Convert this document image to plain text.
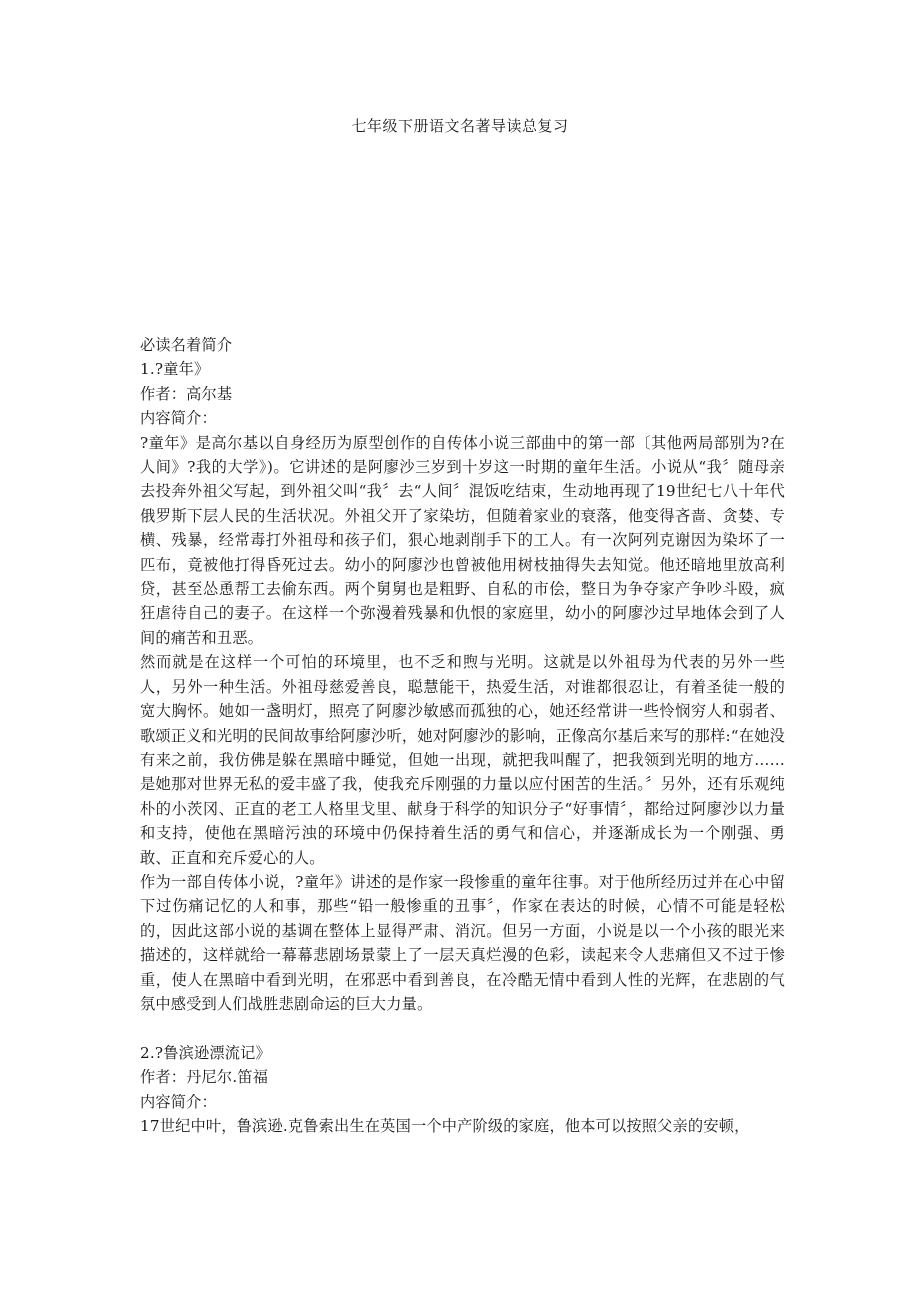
七年级下册语文名著导读总复习
必读名着简介
1.?童年》
作者：高尔基
内容简介：
?童年》是高尔基以自身经历为原型创作的自传体小说三部曲中的第一部〔其他两局部别为?在人间》?我的大学》)。它讲述的是阿廖沙三岁到十岁这一时期的童年生活。小说从“我〞随母亲去投奔外祖父写起，到外祖父叫“我〞去“人间〞混饭吃结束，生动地再现了19世纪七八十年代俄罗斯下层人民的生活状况。外祖父开了家染坊，但随着家业的衰落，他变得吝啬、贪婪、专横、残暴，经常毒打外祖母和孩子们，狠心地剥削手下的工人。有一次阿列克谢因为染坏了一匹布，竟被他打得昏死过去。幼小的阿廖沙也曾被他用树枝抽得失去知觉。他还暗地里放高利贷，甚至怂恿帮工去偷东西。两个舅舅也是粗野、自私的市侩，整日为争夺家产争吵斗殴，疯狂虐待自己的妻子。在这样一个弥漫着残暴和仇恨的家庭里，幼小的阿廖沙过早地体会到了人间的痛苦和丑恶。
然而就是在这样一个可怕的环境里，也不乏和煦与光明。这就是以外祖母为代表的另外一些人，另外一种生活。外祖母慈爱善良，聪慧能干，热爱生活，对谁都很忍让，有着圣徒一般的宽大胸怀。她如一盏明灯，照亮了阿廖沙敏感而孤独的心，她还经常讲一些怜悯穷人和弱者、歌颂正义和光明的民间故事给阿廖沙听，她对阿廖沙的影响，正像高尔基后来写的那样:“在她没有来之前，我仿佛是躲在黑暗中睡觉，但她一出现，就把我叫醒了，把我领到光明的地方……是她那对世界无私的爱丰盛了我，使我充斥刚强的力量以应付困苦的生活。〞另外，还有乐观纯朴的小茨冈、正直的老工人格里戈里、献身于科学的知识分子“好事情〞，都给过阿廖沙以力量和支持，使他在黑暗污浊的环境中仍保持着生活的勇气和信心，并逐渐成长为一个刚强、勇敢、正直和充斥爱心的人。
作为一部自传体小说，?童年》讲述的是作家一段惨重的童年往事。对于他所经历过并在心中留下过伤痛记忆的人和事，那些“铅一般惨重的丑事〞，作家在表达的时候，心情不可能是轻松的，因此这部小说的基调在整体上显得严肃、消沉。但另一方面，小说是以一个小孩的眼光来描述的，这样就给一幕幕悲剧场景蒙上了一层天真烂漫的色彩，读起来令人悲痛但又不过于惨重，使人在黑暗中看到光明，在邪恶中看到善良，在冷酷无情中看到人性的光辉，在悲剧的气氛中感受到人们战胜悲剧命运的巨大力量。
2.?鲁滨逊漂流记》
作者：丹尼尔.笛福
内容简介：
17世纪中叶，鲁滨逊.克鲁索出生在英国一个中产阶级的家庭，他本可以按照父亲的安顿，
